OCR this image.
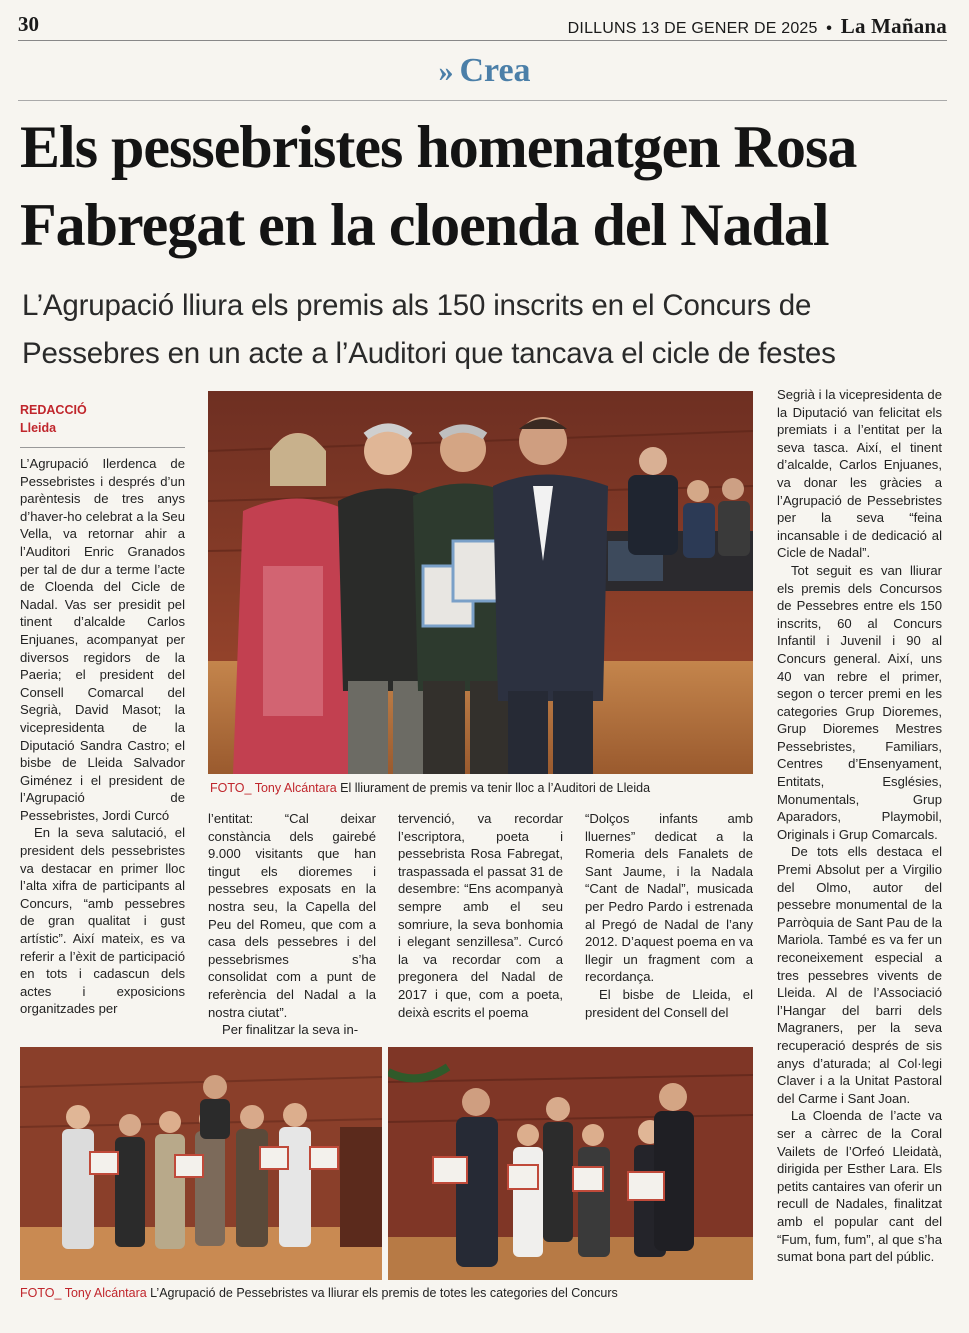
30	DILLUNS 13 DE GENER DE 2025 • La Mañana
» Crea
Els pessebristes homenatgen Rosa Fabregat en la cloenda del Nadal
L’Agrupació lliura els premis als 150 inscrits en el Concurs de Pessebres en un acte a l’Auditori que tancava el cicle de festes
REDACCIÓ
Lleida

L’Agrupació Ilerdenca de Pessebristes i després d’un parèntesis de tres anys d’haver-ho celebrat a la Seu Vella, va retornar ahir a l’Auditori Enric Granados per tal de dur a terme l’acte de Cloenda del Cicle de Nadal. Vas ser presidit pel tinent d’alcalde Carlos Enjuanes, acompanyat per diversos regidors de la Paeria; el president del Consell Comarcal del Segrià, David Masot; la vicepresidenta de la Diputació Sandra Castro; el bisbe de Lleida Salvador Giménez i el president de l’Agrupació de Pessebristes, Jordi Curcó

En la seva salutació, el president dels pessebristes va destacar en primer lloc l’alta xifra de participants al Concurs, “amb pessebres de gran qualitat i gust artístic”. Així mateix, es va referir a l’èxit de participació en tots i cadascun dels actes i exposicions organitzades per

FOTO_ Tony Alcántara El lliurament de premis va tenir lloc a l’Auditori de Lleida

l’entitat: “Cal deixar constància dels gairebé 9.000 visitants que han tingut els dioremes i pessebres exposats en la nostra seu, la Capella del Peu del Romeu, que com a casa dels pessebres i del pessebrismes s’ha consolidat com a punt de referència del Nadal a la nostra ciutat”.

Per finalitzar la seva in-

tervenció, va recordar l’escriptora, poeta i pessebrista Rosa Fabregat, traspassada el passat 31 de desembre: “Ens acompanyà sempre amb el seu somriure, la seva bonhomia i elegant senzillesa”. Curcó la va recordar com a pregonera del Nadal de 2017 i que, com a poeta, deixà escrits el poema

“Dolços infants amb lluernes” dedicat a la Romeria dels Fanalets de Sant Jaume, i la Nadala “Cant de Nadal”, musicada per Pedro Pardo i estrenada al Pregó de Nadal de l’any 2012. D’aquest poema en va llegir un fragment com a recordança.

El bisbe de Lleida, el president del Consell del

Segrià i la vicepresidenta de la Diputació van felicitat els premiats i a l’entitat per la seva tasca. Així, el tinent d’alcalde, Carlos Enjuanes, va donar les gràcies a l’Agrupació de Pessebristes per la seva “feina incansable i de dedicació al Cicle de Nadal”.

Tot seguit es van lliurar els premis dels Concursos de Pessebres entre els 150 inscrits, 60 al Concurs Infantil i Juvenil i 90 al Concurs general. Així, uns 40 van rebre el primer, segon o tercer premi en les categories Grup Dioremes, Grup Dioremes Mestres Pessebristes, Familiars, Centres d’Ensenyament, Entitats, Esglésies, Monumentals, Grup Aparadors, Playmobil, Originals i Grup Comarcals.

De tots ells destaca el Premi Absolut per a Virgilio del Olmo, autor del pessebre monumental de la Parròquia de Sant Pau de la Mariola. També es va fer un reconeixement especial a tres pessebres vivents de Lleida. Al de l’Associació l’Hangar del barri dels Magraners, per la seva recuperació després de sis anys d’aturada; al Col·legi Claver i a la Unitat Pastoral del Carme i Sant Joan.

La Cloenda de l’acte va ser a càrrec de la Coral Vailets de l’Orfeó Lleidatà, dirigida per Esther Lara. Els petits cantaires van oferir un recull de Nadales, finalitzat amb el popular cant del “Fum, fum, fum”, al que s’ha sumat bona part del públic.

FOTO_ Tony Alcántara L’Agrupació de Pessebristes va lliurar els premis de totes les categories del Concurs
